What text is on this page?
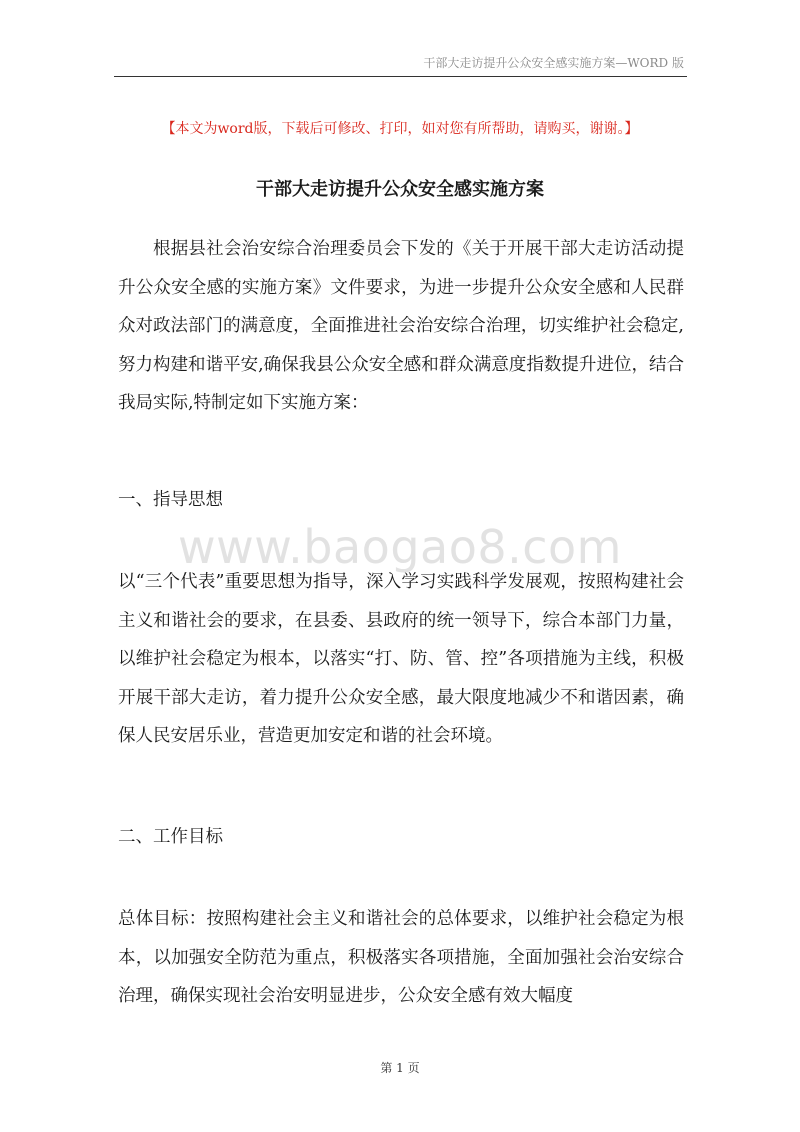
干部大走访提升公众安全感实施方案—WORD 版
【本文为word版，下载后可修改、打印，如对您有所帮助，请购买，谢谢。】
干部大走访提升公众安全感实施方案

根据县社会治安综合治理委员会下发的《关于开展干部大走访活动提升公众安全感的实施方案》文件要求，为进一步提升公众安全感和人民群众对政法部门的满意度，全面推进社会治安综合治理，切实维护社会稳定,努力构建和谐平安,确保我县公众安全感和群众满意度指数提升进位，结合我局实际,特制定如下实施方案：

一、指导思想
www.baogao8.com

以“三个代表”重要思想为指导，深入学习实践科学发展观，按照构建社会主义和谐社会的要求，在县委、县政府的统一领导下，综合本部门力量，以维护社会稳定为根本，以落实“打、防、管、控”各项措施为主线，积极开展干部大走访，着力提升公众安全感，最大限度地减少不和谐因素，确保人民安居乐业，营造更加安定和谐的社会环境。

二、工作目标

总体目标：按照构建社会主义和谐社会的总体要求，以维护社会稳定为根本，以加强安全防范为重点，积极落实各项措施，全面加强社会治安综合治理，确保实现社会治安明显进步，公众安全感有效大幅度

第 1 页
